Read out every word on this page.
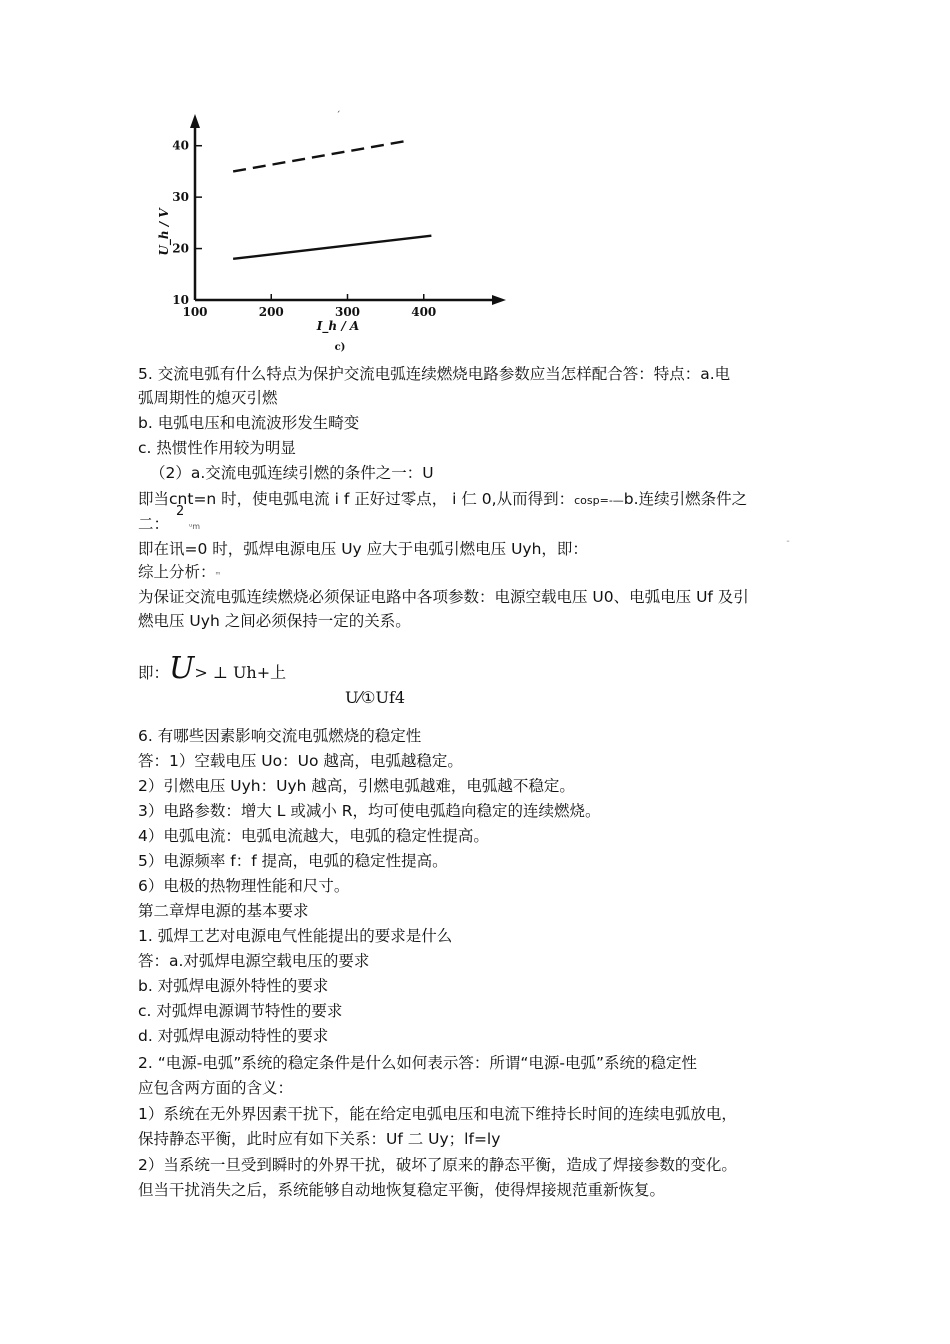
10
20
30
40
100	200	300	400
U_h / V
I_h / A
c)
ˊ
5. 交流电弧有什么特点为保护交流电弧连续燃烧电路参数应当怎样配合答：特点：a.电
弧周期性的熄灭引燃
b. 电弧电压和电流波形发生畸变
c. 热惯性作用较为明显
（2）a.交流电弧连续引燃的条件之一：U
即当cnt=n 时，使电弧电流 i f 正好过零点， i 仁 0,从而得到：cosp=-—b.连续引燃条件之
2
二：	ᵘm
即在讯=0 时，弧焊电源电压 Uy 应大于电弧引燃电压 Uyh，即：	¨
综上分析：ᵐ
为保证交流电弧连续燃烧必须保证电路中各项参数：电源空载电压 U0、电弧电压 Uf 及引
燃电压 Uyh 之间必须保持一定的关系。
即：U> ⊥ Uh+上
U⁄①Uf4
6. 有哪些因素影响交流电弧燃烧的稳定性
答：1）空载电压 Uo：Uo 越高，电弧越稳定。
2）引燃电压 Uyh：Uyh 越高，引燃电弧越难，电弧越不稳定。
3）电路参数：增大 L 或减小 R，均可使电弧趋向稳定的连续燃烧。
4）电弧电流：电弧电流越大，电弧的稳定性提高。
5）电源频率 f：f 提高，电弧的稳定性提高。
6）电极的热物理性能和尺寸。
第二章焊电源的基本要求
1. 弧焊工艺对电源电气性能提出的要求是什么
答：a.对弧焊电源空载电压的要求
b. 对弧焊电源外特性的要求
c. 对弧焊电源调节特性的要求
d. 对弧焊电源动特性的要求
2. “电源-电弧”系统的稳定条件是什么如何表示答：所谓“电源-电弧”系统的稳定性
应包含两方面的含义：
1）系统在无外界因素干扰下，能在给定电弧电压和电流下维持长时间的连续电弧放电，
保持静态平衡，此时应有如下关系：Uf 二 Uy；lf=ly
2）当系统一旦受到瞬时的外界干扰，破坏了原来的静态平衡，造成了焊接参数的变化。
但当干扰消失之后，系统能够自动地恢复稳定平衡，使得焊接规范重新恢复。
